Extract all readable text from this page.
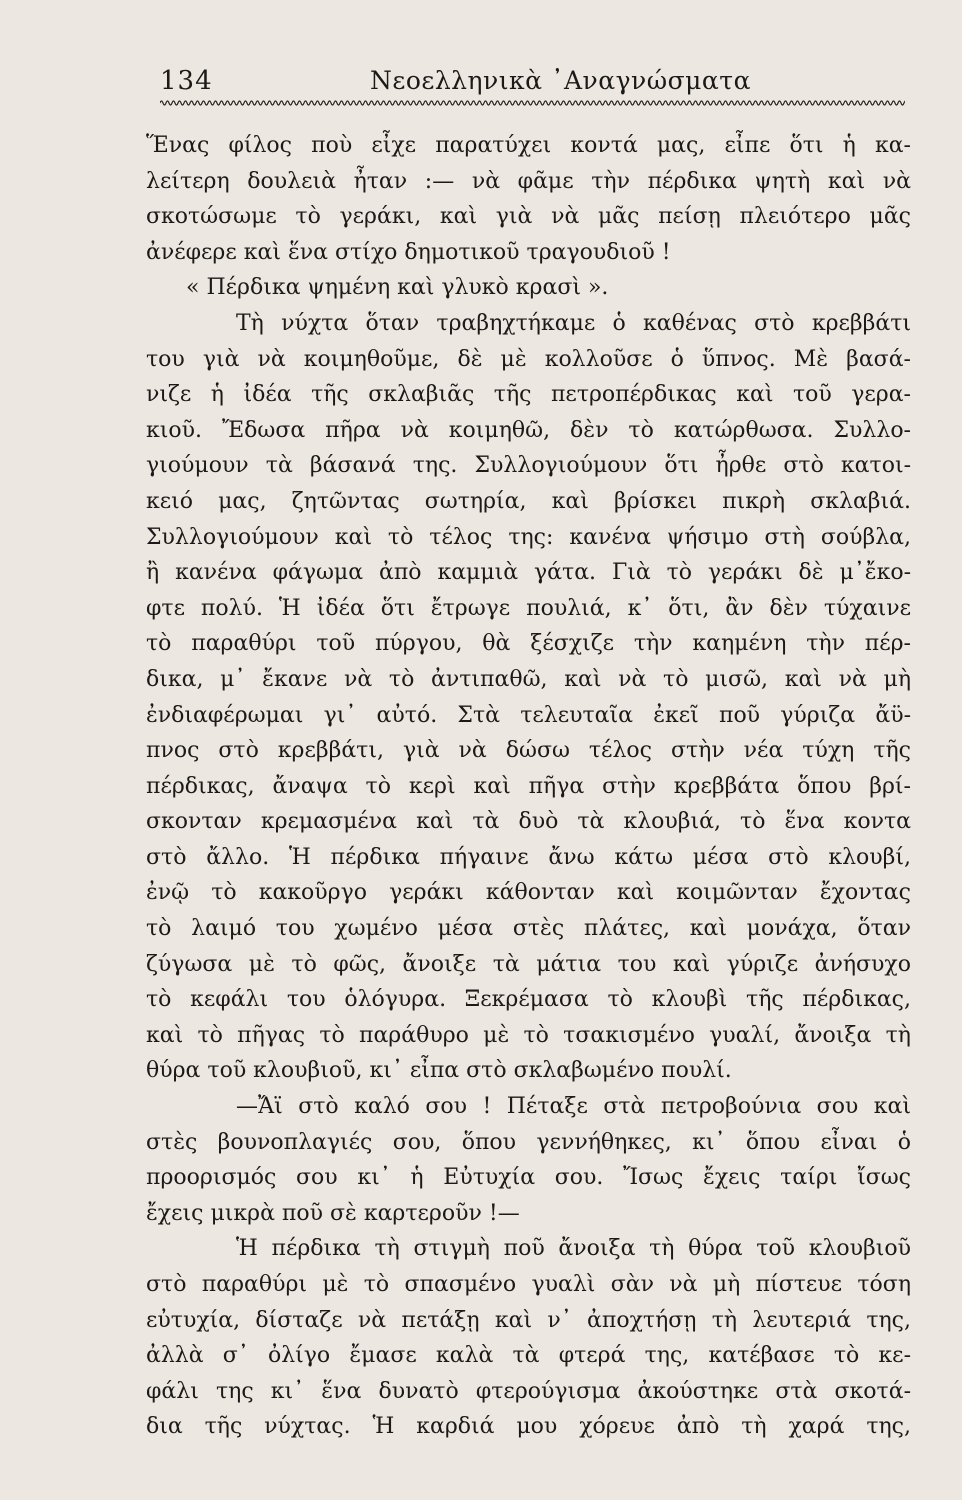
134	Νεοελληνικὰ ᾿Αναγνώσματα
Ἕνας φίλος ποὺ εἶχε παρατύχει κοντά μας, εἶπε ὅτι ἡ κα-
λείτερη δουλειὰ ἦταν :— νὰ φᾶμε τὴν πέρδικα ψητὴ καὶ νὰ
σκοτώσωμε τὸ γεράκι, καὶ γιὰ νὰ μᾶς πείσῃ πλειότερο μᾶς
ἀνέφερε καὶ ἕνα στίχο δημοτικοῦ τραγουδιοῦ !
« Πέρδικα ψημένη καὶ γλυκὸ κρασὶ ».
Τὴ νύχτα ὅταν τραβηχτήκαμε ὁ καθένας στὸ κρεββάτι
του γιὰ νὰ κοιμηθοῦμε, δὲ μὲ κολλοῦσε ὁ ὕπνος. Μὲ βασά-
νιζε ἡ ἰδέα τῆς σκλαβιᾶς τῆς πετροπέρδικας καὶ τοῦ γερα-
κιοῦ. Ἔδωσα πῆρα νὰ κοιμηθῶ, δὲν τὸ κατώρθωσα. Συλλο-
γιούμουν τὰ βάσανά της. Συλλογιούμουν ὅτι ἦρθε στὸ κατοι-
κειό μας, ζητῶντας σωτηρία, καὶ βρίσκει πικρὴ σκλαβιά.
Συλλογιούμουν καὶ τὸ τέλος της: κανένα ψήσιμο στὴ σούβλα,
ἢ κανένα φάγωμα ἀπὸ καμμιὰ γάτα. Γιὰ τὸ γεράκι δὲ μ᾿ἔκο-
φτε πολύ. Ἡ ἰδέα ὅτι ἔτρωγε πουλιά, κ᾿ ὅτι, ἂν δὲν τύχαινε
τὸ παραθύρι τοῦ πύργου, θὰ ξέσχιζε τὴν καημένη τὴν πέρ-
δικα, μ᾿ ἔκανε νὰ τὸ ἀντιπαθῶ, καὶ νὰ τὸ μισῶ, καὶ νὰ μὴ
ἐνδιαφέρωμαι γι᾿ αὐτό. Στὰ τελευταῖα ἐκεῖ ποῦ γύριζα ἄϋ-
πνος στὸ κρεββάτι, γιὰ νὰ δώσω τέλος στὴν νέα τύχη τῆς
πέρδικας, ἄναψα τὸ κερὶ καὶ πῆγα στὴν κρεββάτα ὅπου βρί-
σκονταν κρεμασμένα καὶ τὰ δυὸ τὰ κλουβιά, τὸ ἕνα κοντα
στὸ ἄλλο. Ἡ πέρδικα πήγαινε ἄνω κάτω μέσα στὸ κλουβί,
ἐνῷ τὸ κακοῦργο γεράκι κάθονταν καὶ κοιμῶνταν ἔχοντας
τὸ λαιμό του χωμένο μέσα στὲς πλάτες, καὶ μονάχα, ὅταν
ζύγωσα μὲ τὸ φῶς, ἄνοιξε τὰ μάτια του καὶ γύριζε ἀνήσυχο
τὸ κεφάλι του ὁλόγυρα. Ξεκρέμασα τὸ κλουβὶ τῆς πέρδικας,
καὶ τὸ πῆγας τὸ παράθυρο μὲ τὸ τσακισμένο γυαλί, ἄνοιξα τὴ
θύρα τοῦ κλουβιοῦ, κι᾿ εἶπα στὸ σκλαβωμένο πουλί.
—Ἄϊ στὸ καλό σου ! Πέταξε στὰ πετροβούνια σου καὶ
στὲς βουνοπλαγιές σου, ὅπου γεννήθηκες, κι᾿ ὅπου εἶναι ὁ
προορισμός σου κι᾿ ἡ Εὐτυχία σου. Ἴσως ἔχεις ταίρι ἴσως
ἔχεις μικρὰ ποῦ σὲ καρτεροῦν !—
Ἡ πέρδικα τὴ στιγμὴ ποῦ ἄνοιξα τὴ θύρα τοῦ κλουβιοῦ
στὸ παραθύρι μὲ τὸ σπασμένο γυαλὶ σὰν νὰ μὴ πίστευε τόση
εὐτυχία, δίσταζε νὰ πετάξῃ καὶ ν᾿ ἀποχτήσῃ τὴ λευτεριά της,
ἀλλὰ σ᾿ ὀλίγο ἔμασε καλὰ τὰ φτερά της, κατέβασε τὸ κε-
φάλι της κι᾿ ἕνα δυνατὸ φτερούγισμα ἀκούστηκε στὰ σκοτά-
δια τῆς νύχτας. Ἡ καρδιά μου χόρευε ἀπὸ τὴ χαρά της,
